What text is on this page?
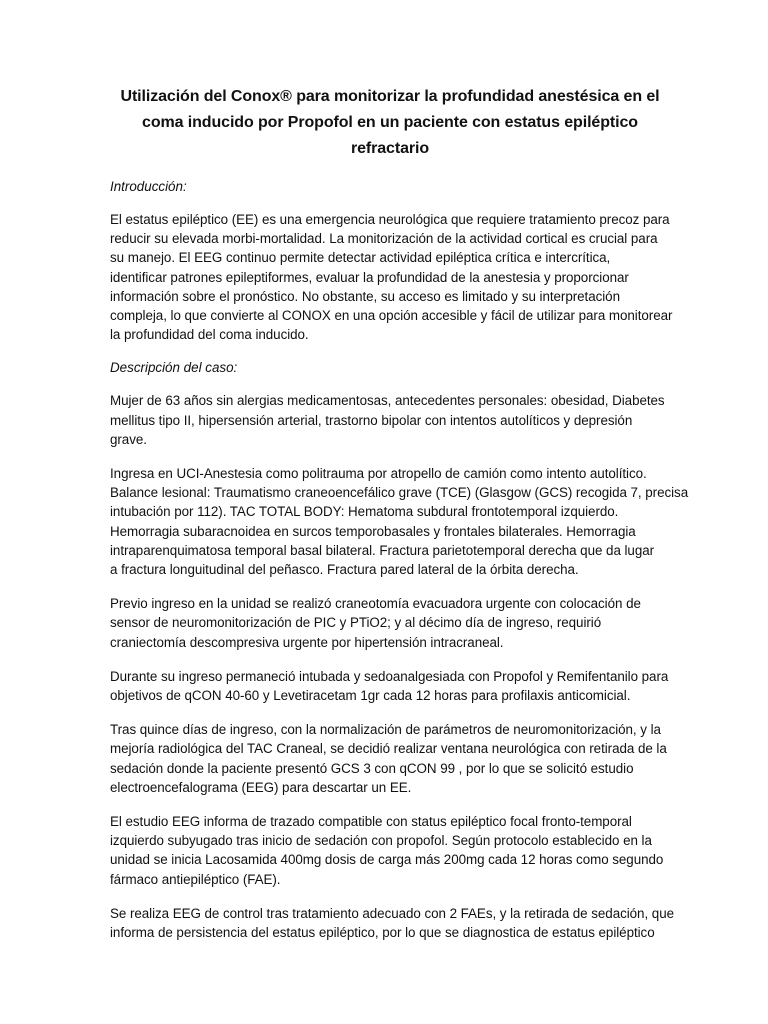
Utilización del Conox® para monitorizar la profundidad anestésica en el
coma inducido por Propofol en un paciente con estatus epiléptico
refractario

Introducción:

El estatus epiléptico (EE) es una emergencia neurológica que requiere tratamiento precoz para
reducir su elevada morbi-mortalidad. La monitorización de la actividad cortical es crucial para
su manejo. El EEG continuo permite detectar actividad epiléptica crítica e intercrítica,
identificar patrones epileptiformes, evaluar la profundidad de la anestesia y proporcionar
información sobre el pronóstico. No obstante, su acceso es limitado y su interpretación
compleja, lo que convierte al CONOX en una opción accesible y fácil de utilizar para monitorear
la profundidad del coma inducido.

Descripción del caso:

Mujer de 63 años sin alergias medicamentosas, antecedentes personales: obesidad, Diabetes
mellitus tipo II, hipersensión arterial, trastorno bipolar con intentos autolíticos y depresión
grave.

Ingresa en UCI-Anestesia como politrauma por atropello de camión como intento autolítico.
Balance lesional: Traumatismo craneoencefálico grave (TCE) (Glasgow (GCS) recogida 7, precisa
intubación por 112). TAC TOTAL BODY: Hematoma subdural frontotemporal izquierdo.
Hemorragia subaracnoidea en surcos temporobasales y frontales bilaterales. Hemorragia
intraparenquimatosa temporal basal bilateral. Fractura parietotemporal derecha que da lugar
a fractura longuitudinal del peñasco. Fractura pared lateral de la órbita derecha.

Previo ingreso en la unidad se realizó craneotomía evacuadora urgente con colocación de
sensor de neuromonitorización de PIC y PTiO2; y al décimo día de ingreso, requirió
craniectomía descompresiva urgente por hipertensión intracraneal.

Durante su ingreso permaneció intubada y sedoanalgesiada con Propofol y Remifentanilo para
objetivos de qCON 40-60 y Levetiracetam 1gr cada 12 horas para profilaxis anticomicial.

Tras quince días de ingreso, con la normalización de parámetros de neuromonitorización, y la
mejoría radiológica del TAC Craneal, se decidió realizar ventana neurológica con retirada de la
sedación donde la paciente presentó GCS 3 con qCON 99 , por lo que se solicitó estudio
electroencefalograma (EEG) para descartar un EE.

El estudio EEG informa de trazado compatible con status epiléptico focal fronto-temporal
izquierdo subyugado tras inicio de sedación con propofol. Según protocolo establecido en la
unidad se inicia Lacosamida 400mg dosis de carga más 200mg cada 12 horas como segundo
fármaco antiepiléptico (FAE).

Se realiza EEG de control tras tratamiento adecuado con 2 FAEs, y la retirada de sedación, que
informa de persistencia del estatus epiléptico, por lo que se diagnostica de estatus epiléptico
